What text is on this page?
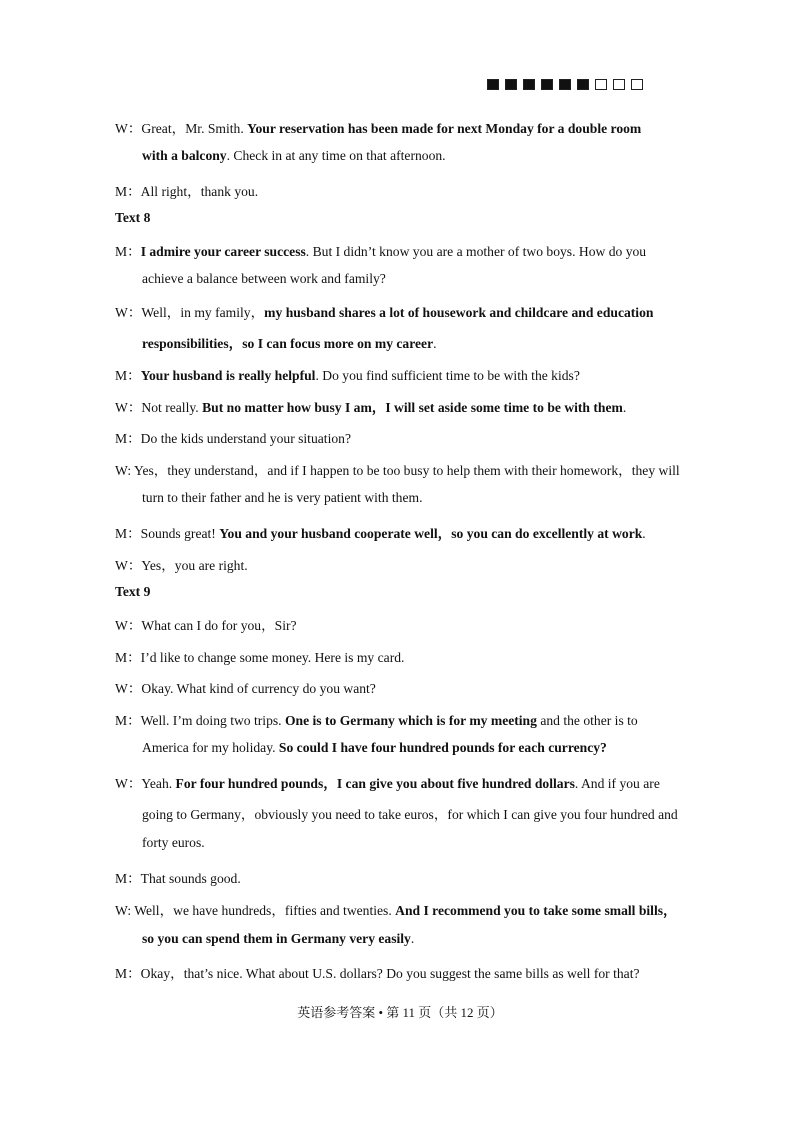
W：Great，Mr. Smith. Your reservation has been made for next Monday for a double room
with a balcony. Check in at any time on that afternoon.
M：All right，thank you.
Text 8
M：I admire your career success. But I didn’t know you are a mother of two boys. How do you
achieve a balance between work and family?
W：Well，in my family，my husband shares a lot of housework and childcare and education
responsibilities，so I can focus more on my career.
M：Your husband is really helpful. Do you find sufficient time to be with the kids?
W：Not really. But no matter how busy I am，I will set aside some time to be with them.
M：Do the kids understand your situation?
W: Yes，they understand，and if I happen to be too busy to help them with their homework，they will
turn to their father and he is very patient with them.
M：Sounds great! You and your husband cooperate well，so you can do excellently at work.
W：Yes，you are right.
Text 9
W：What can I do for you，Sir?
M：I’d like to change some money. Here is my card.
W：Okay. What kind of currency do you want?
M：Well. I’m doing two trips. One is to Germany which is for my meeting and the other is to
America for my holiday. So could I have four hundred pounds for each currency?
W：Yeah. For four hundred pounds，I can give you about five hundred dollars. And if you are
going to Germany，obviously you need to take euros，for which I can give you four hundred and
forty euros.
M：That sounds good.
W: Well，we have hundreds，fifties and twenties. And I recommend you to take some small bills，
so you can spend them in Germany very easily.
M：Okay，that’s nice. What about U.S. dollars? Do you suggest the same bills as well for that?
英语参考答案 • 第 11 页（共 12 页）
